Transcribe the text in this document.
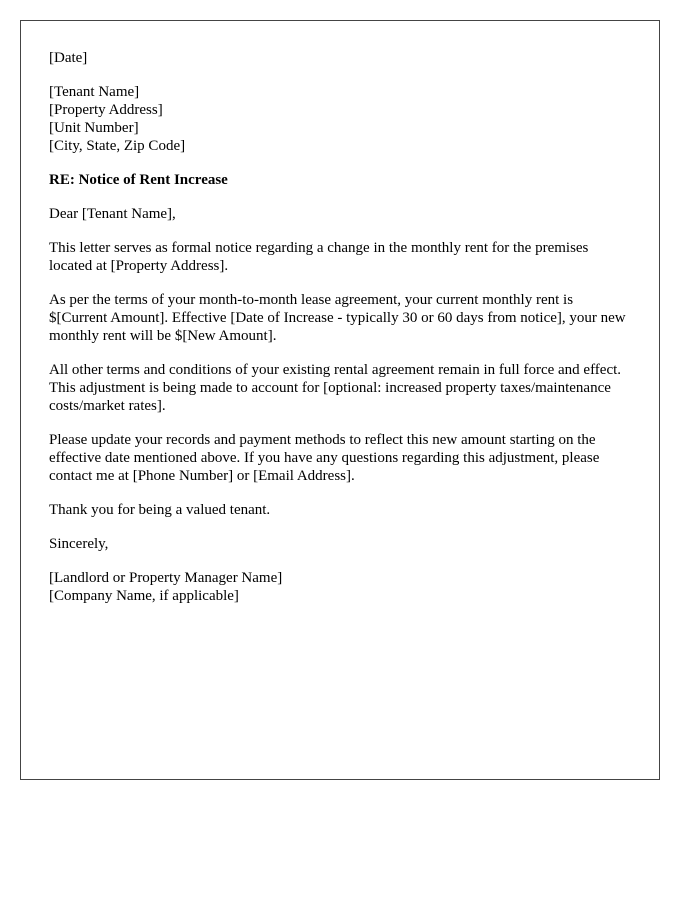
[Date]
[Tenant Name]
[Property Address]
[Unit Number]
[City, State, Zip Code]
RE: Notice of Rent Increase
Dear [Tenant Name],

This letter serves as formal notice regarding a change in the monthly rent for the premises located at [Property Address].

As per the terms of your month-to-month lease agreement, your current monthly rent is $[Current Amount]. Effective [Date of Increase - typically 30 or 60 days from notice], your new monthly rent will be $[New Amount].

All other terms and conditions of your existing rental agreement remain in full force and effect. This adjustment is being made to account for [optional: increased property taxes/maintenance costs/market rates].

Please update your records and payment methods to reflect this new amount starting on the effective date mentioned above. If you have any questions regarding this adjustment, please contact me at [Phone Number] or [Email Address].

Thank you for being a valued tenant.

Sincerely,
[Landlord or Property Manager Name]
[Company Name, if applicable]
